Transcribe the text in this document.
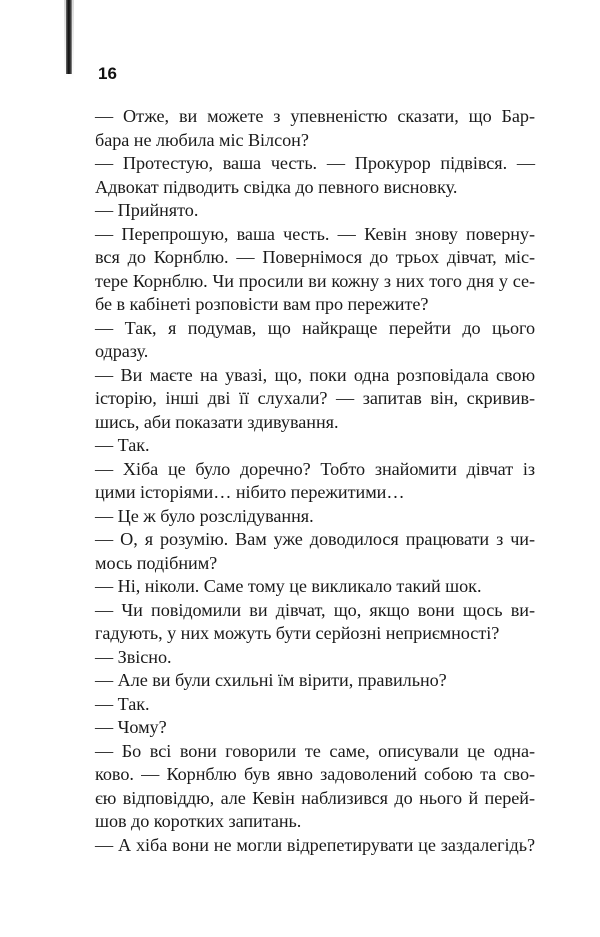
16
— Отже, ви можете з упевненістю сказати, що Бар-
бара не любила міс Вілсон?
— Протестую, ваша честь. — Прокурор підвівся. —
Адвокат підводить свідка до певного висновку.
— Прийнято.
— Перепрошую, ваша честь. — Кевін знову поверну-
вся до Корнблю. — Повернімося до трьох дівчат, міс-
тере Корнблю. Чи просили ви кожну з них того дня у се-
бе в кабінеті розповісти вам про пережите?
— Так, я подумав, що найкраще перейти до цього
одразу.
— Ви маєте на увазі, що, поки одна розповідала свою
історію, інші дві її слухали? — запитав він, скривив-
шись, аби показати здивування.
— Так.
— Хіба це було доречно? Тобто знайомити дівчат із
цими історіями… нібито пережитими…
— Це ж було розслідування.
— О, я розумію. Вам уже доводилося працювати з чи-
мось подібним?
— Ні, ніколи. Саме тому це викликало такий шок.
— Чи повідомили ви дівчат, що, якщо вони щось ви-
гадують, у них можуть бути серйозні неприємності?
— Звісно.
— Але ви були схильні їм вірити, правильно?
— Так.
— Чому?
— Бо всі вони говорили те саме, описували це одна-
ково. — Корнблю був явно задоволений собою та сво-
єю відповіддю, але Кевін наблизився до нього й перей-
шов до коротких запитань.
— А хіба вони не могли відрепетирувати це заздалегідь?
